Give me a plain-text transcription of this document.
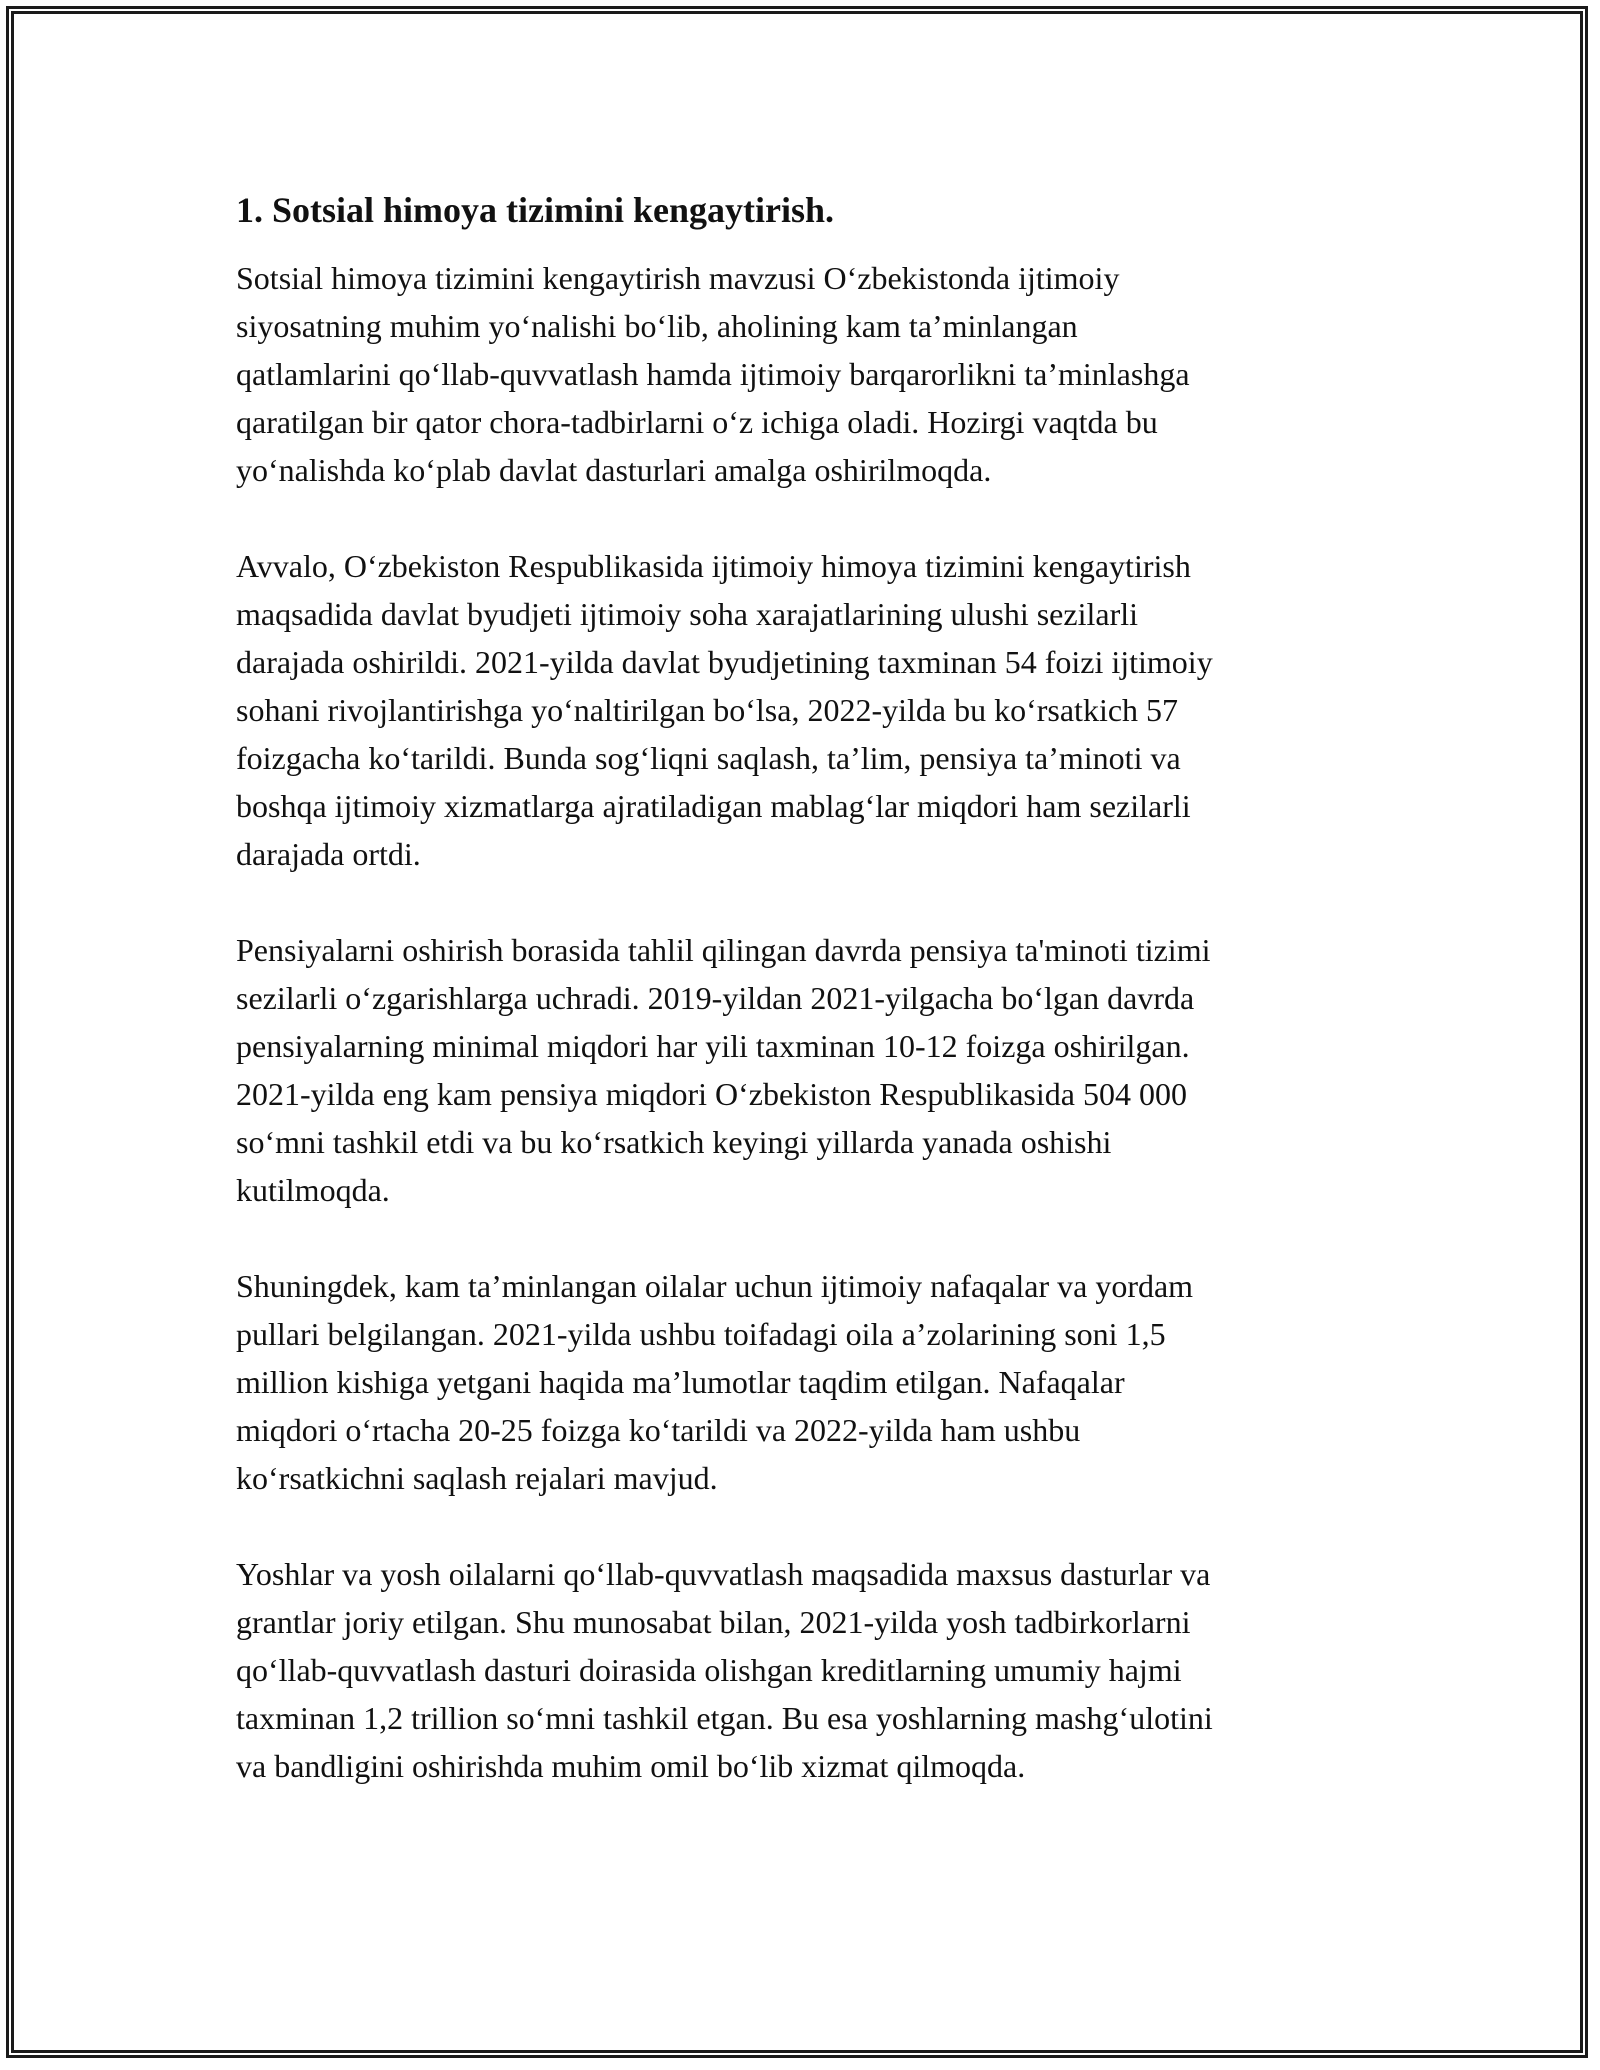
1. Sotsial himoya tizimini kengaytirish.

Sotsial himoya tizimini kengaytirish mavzusi O‘zbekistonda ijtimoiy
siyosatning muhim yo‘nalishi bo‘lib, aholining kam ta’minlangan
qatlamlarini qo‘llab-quvvatlash hamda ijtimoiy barqarorlikni ta’minlashga
qaratilgan bir qator chora-tadbirlarni o‘z ichiga oladi. Hozirgi vaqtda bu
yo‘nalishda ko‘plab davlat dasturlari amalga oshirilmoqda.

Avvalo, O‘zbekiston Respublikasida ijtimoiy himoya tizimini kengaytirish
maqsadida davlat byudjeti ijtimoiy soha xarajatlarining ulushi sezilarli
darajada oshirildi. 2021-yilda davlat byudjetining taxminan 54 foizi ijtimoiy
sohani rivojlantirishga yo‘naltirilgan bo‘lsa, 2022-yilda bu ko‘rsatkich 57
foizgacha ko‘tarildi. Bunda sog‘liqni saqlash, ta’lim, pensiya ta’minoti va
boshqa ijtimoiy xizmatlarga ajratiladigan mablag‘lar miqdori ham sezilarli
darajada ortdi.

Pensiyalarni oshirish borasida tahlil qilingan davrda pensiya ta'minoti tizimi
sezilarli o‘zgarishlarga uchradi. 2019-yildan 2021-yilgacha bo‘lgan davrda
pensiyalarning minimal miqdori har yili taxminan 10-12 foizga oshirilgan.
2021-yilda eng kam pensiya miqdori O‘zbekiston Respublikasida 504 000
so‘mni tashkil etdi va bu ko‘rsatkich keyingi yillarda yanada oshishi
kutilmoqda.

Shuningdek, kam ta’minlangan oilalar uchun ijtimoiy nafaqalar va yordam
pullari belgilangan. 2021-yilda ushbu toifadagi oila a’zolarining soni 1,5
million kishiga yetgani haqida ma’lumotlar taqdim etilgan. Nafaqalar
miqdori o‘rtacha 20-25 foizga ko‘tarildi va 2022-yilda ham ushbu
ko‘rsatkichni saqlash rejalari mavjud.

Yoshlar va yosh oilalarni qo‘llab-quvvatlash maqsadida maxsus dasturlar va
grantlar joriy etilgan. Shu munosabat bilan, 2021-yilda yosh tadbirkorlarni
qo‘llab-quvvatlash dasturi doirasida olishgan kreditlarning umumiy hajmi
taxminan 1,2 trillion so‘mni tashkil etgan. Bu esa yoshlarning mashg‘ulotini
va bandligini oshirishda muhim omil bo‘lib xizmat qilmoqda.
